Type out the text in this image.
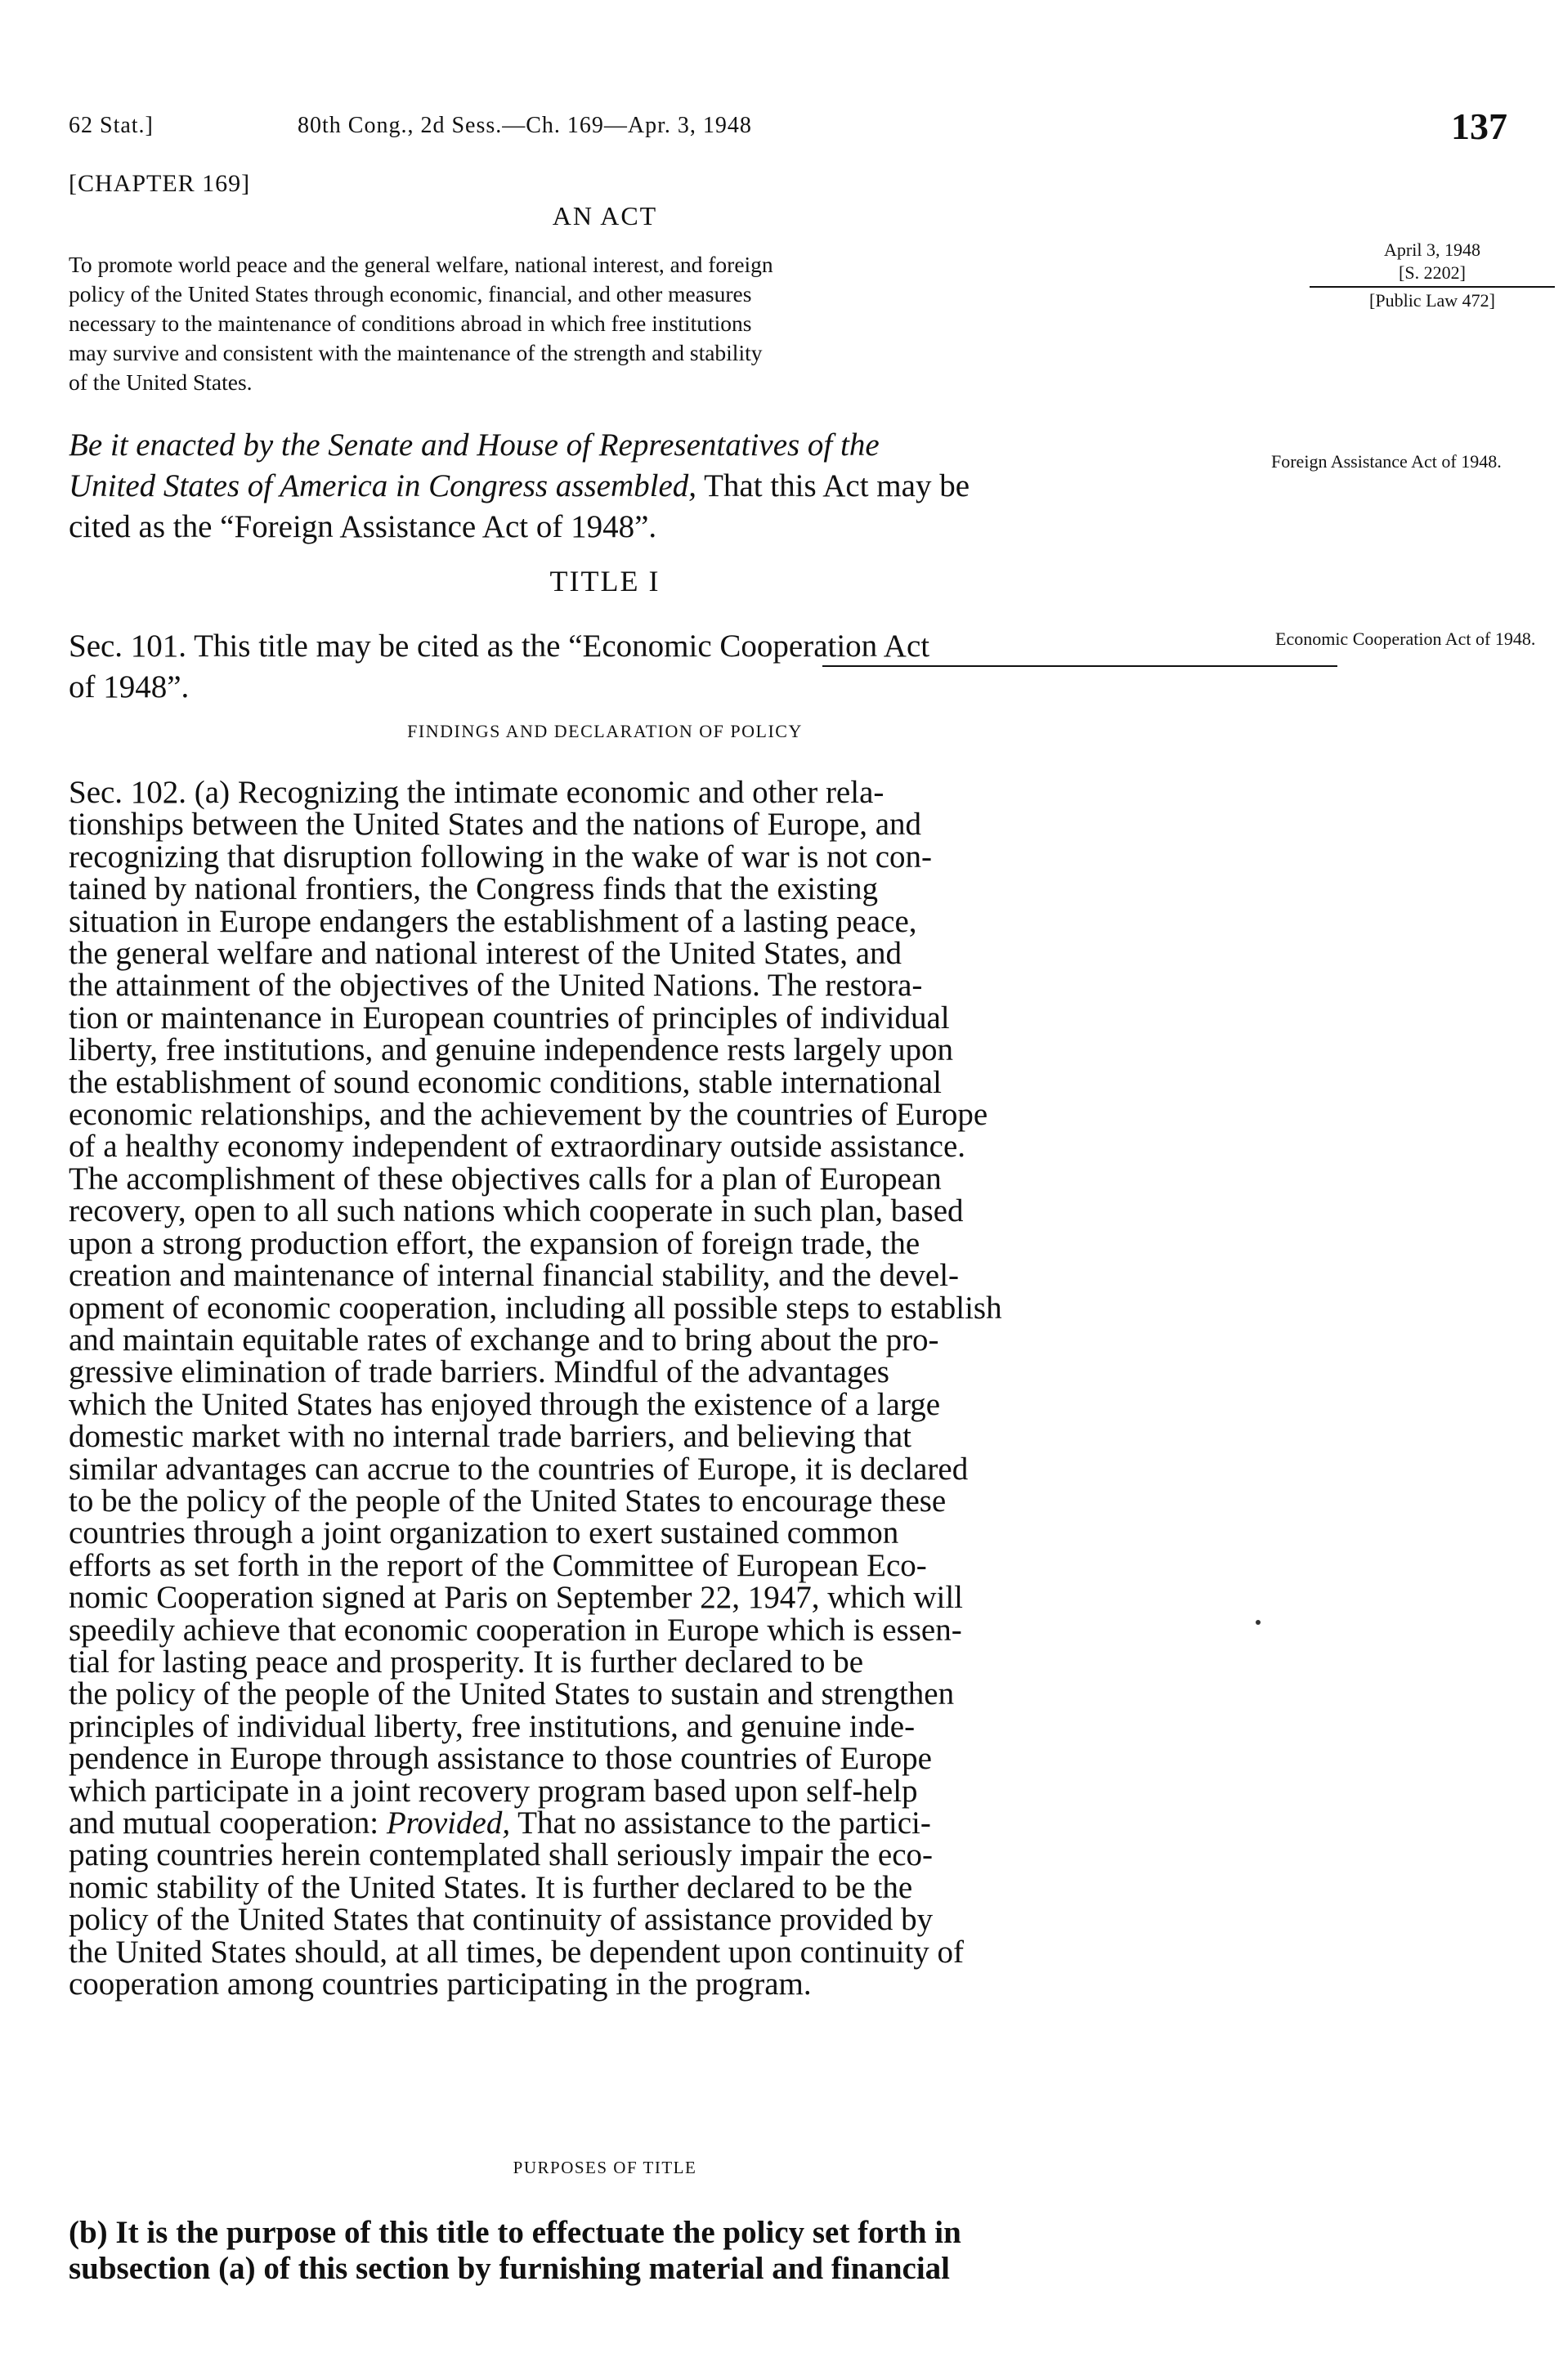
62 Stat.]	80th Cong., 2d Sess.—Ch. 169—Apr. 3, 1948	137
[CHAPTER 169]
AN ACT
To promote world peace and the general welfare, national interest, and foreign
policy of the United States through economic, financial, and other measures
necessary to the maintenance of conditions abroad in which free institutions
may survive and consistent with the maintenance of the strength and stability
of the United States.
April 3, 1948
[S. 2202]
[Public Law 472]
Be it enacted by the Senate and House of Representatives of the
United States of America in Congress assembled, That this Act may be
cited as the “Foreign Assistance Act of 1948”.
Foreign Assistance Act of 1948.
TITLE I
Sec. 101. This title may be cited as the “Economic Cooperation Act
of 1948”.
Economic Cooperation Act of 1948.
FINDINGS AND DECLARATION OF POLICY
Sec. 102. (a) Recognizing the intimate economic and other rela-
tionships between the United States and the nations of Europe, and
recognizing that disruption following in the wake of war is not con-
tained by national frontiers, the Congress finds that the existing
situation in Europe endangers the establishment of a lasting peace,
the general welfare and national interest of the United States, and
the attainment of the objectives of the United Nations. The restora-
tion or maintenance in European countries of principles of individual
liberty, free institutions, and genuine independence rests largely upon
the establishment of sound economic conditions, stable international
economic relationships, and the achievement by the countries of Europe
of a healthy economy independent of extraordinary outside assistance.
The accomplishment of these objectives calls for a plan of European
recovery, open to all such nations which cooperate in such plan, based
upon a strong production effort, the expansion of foreign trade, the
creation and maintenance of internal financial stability, and the devel-
opment of economic cooperation, including all possible steps to establish
and maintain equitable rates of exchange and to bring about the pro-
gressive elimination of trade barriers. Mindful of the advantages
which the United States has enjoyed through the existence of a large
domestic market with no internal trade barriers, and believing that
similar advantages can accrue to the countries of Europe, it is declared
to be the policy of the people of the United States to encourage these
countries through a joint organization to exert sustained common
efforts as set forth in the report of the Committee of European Eco-
nomic Cooperation signed at Paris on September 22, 1947, which will
speedily achieve that economic cooperation in Europe which is essen-
tial for lasting peace and prosperity. It is further declared to be
the policy of the people of the United States to sustain and strengthen
principles of individual liberty, free institutions, and genuine inde-
pendence in Europe through assistance to those countries of Europe
which participate in a joint recovery program based upon self-help
and mutual cooperation: Provided, That no assistance to the partici-
pating countries herein contemplated shall seriously impair the eco-
nomic stability of the United States. It is further declared to be the
policy of the United States that continuity of assistance provided by
the United States should, at all times, be dependent upon continuity of
cooperation among countries participating in the program.
PURPOSES OF TITLE
(b) It is the purpose of this title to effectuate the policy set forth in
subsection (a) of this section by furnishing material and financial
